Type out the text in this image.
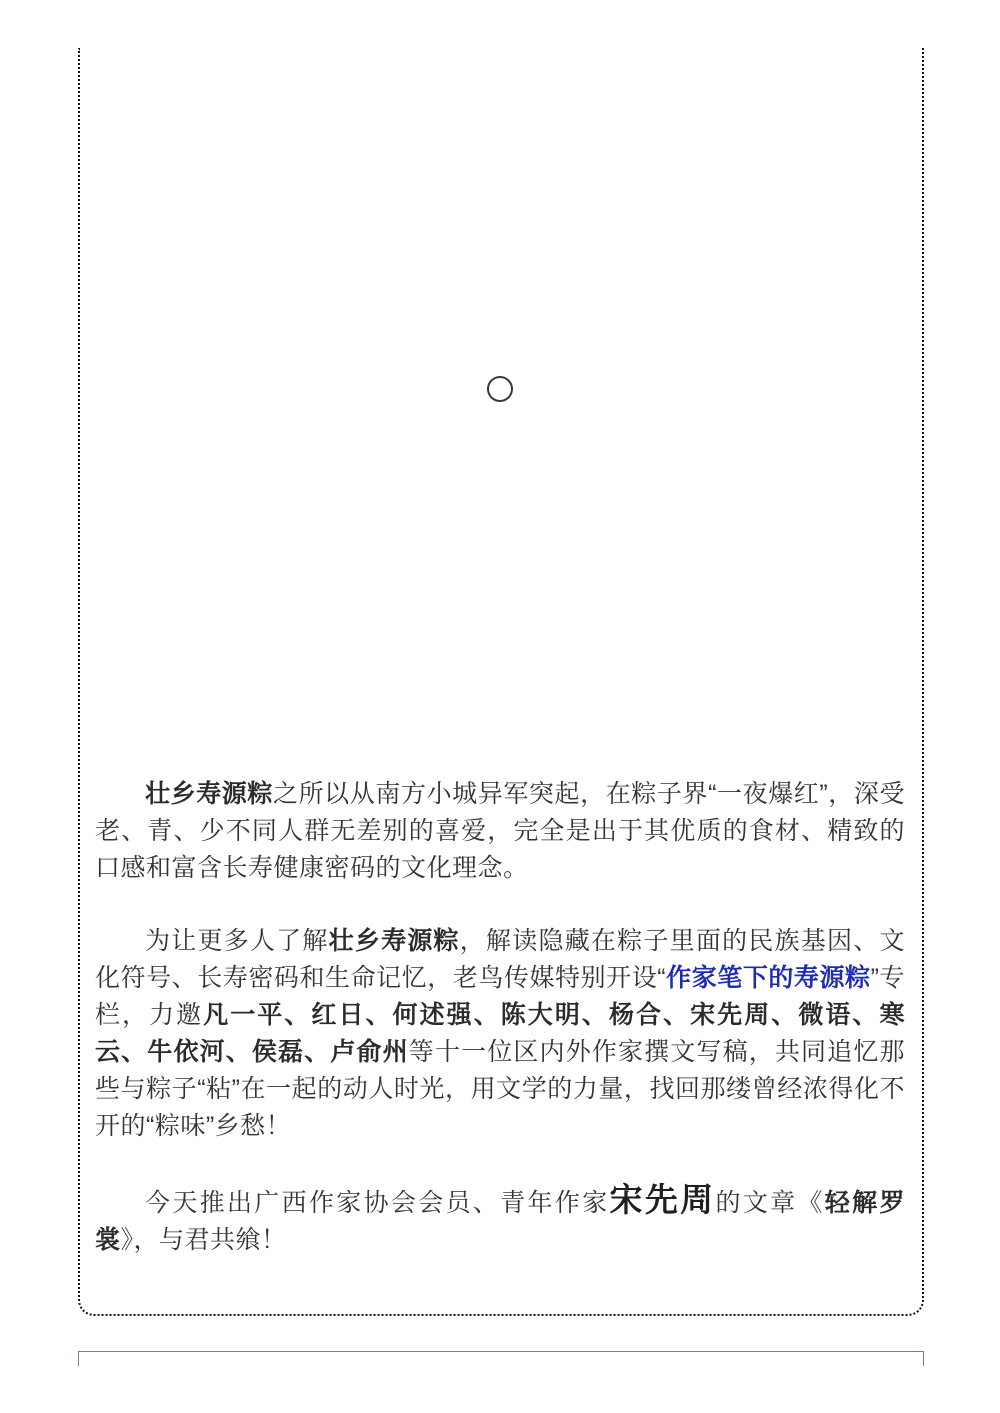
壮乡寿源粽之所以从南方小城异军突起，在粽子界“一夜爆红”，深受老、青、少不同人群无差别的喜爱，完全是出于其优质的食材、精致的口感和富含长寿健康密码的文化理念。

为让更多人了解壮乡寿源粽，解读隐藏在粽子里面的民族基因、文化符号、长寿密码和生命记忆，老鸟传媒特别开设“作家笔下的寿源粽”专栏，力邀凡一平、红日、何述强、陈大明、杨合、宋先周、微语、寒云、牛依河、侯磊、卢俞州等十一位区内外作家撰文写稿，共同追忆那些与粽子“粘”在一起的动人时光，用文学的力量，找回那缕曾经浓得化不开的“粽味”乡愁！

今天推出广西作家协会会员、青年作家宋先周的文章《轻解罗裳》，与君共飨！
